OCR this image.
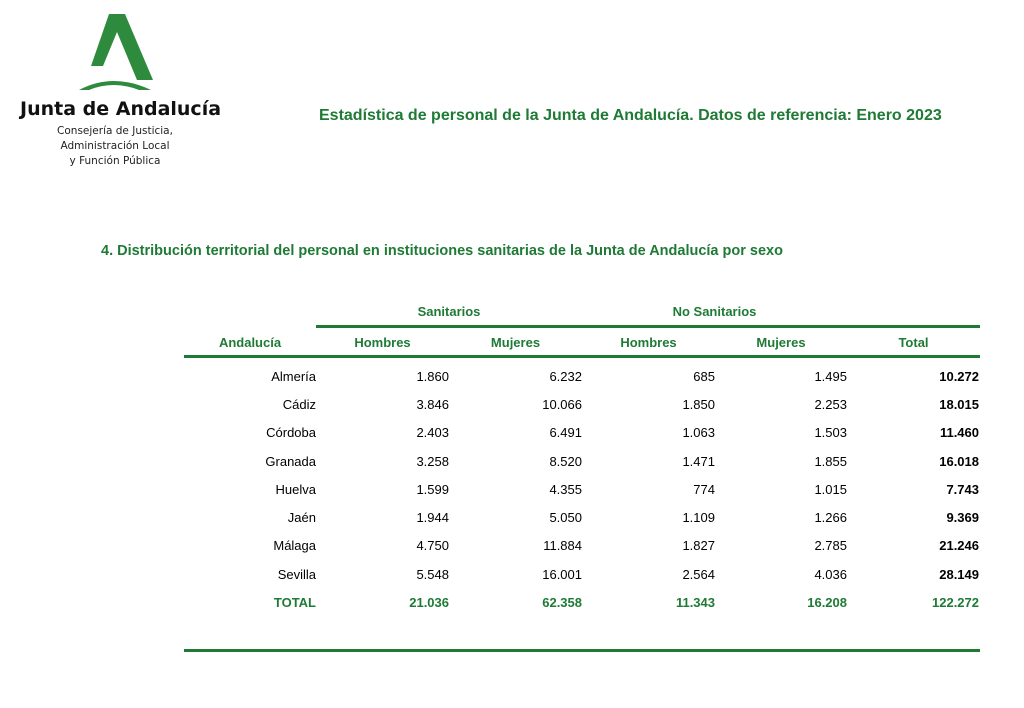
Junta de Andalucía
Consejería de Justicia,
Administración Local
y Función Pública
Estadística de personal de la Junta de Andalucía. Datos de referencia: Enero 2023
4. Distribución territorial del personal en instituciones sanitarias de la Junta de Andalucía por sexo
Sanitarios	No Sanitarios
Andalucía	Hombres	Mujeres	Hombres	Mujeres	Total
Almería	1.860	6.232	685	1.495	10.272
Cádiz	3.846	10.066	1.850	2.253	18.015
Córdoba	2.403	6.491	1.063	1.503	11.460
Granada	3.258	8.520	1.471	1.855	16.018
Huelva	1.599	4.355	774	1.015	7.743
Jaén	1.944	5.050	1.109	1.266	9.369
Málaga	4.750	11.884	1.827	2.785	21.246
Sevilla	5.548	16.001	2.564	4.036	28.149
TOTAL	21.036	62.358	11.343	16.208	122.272
